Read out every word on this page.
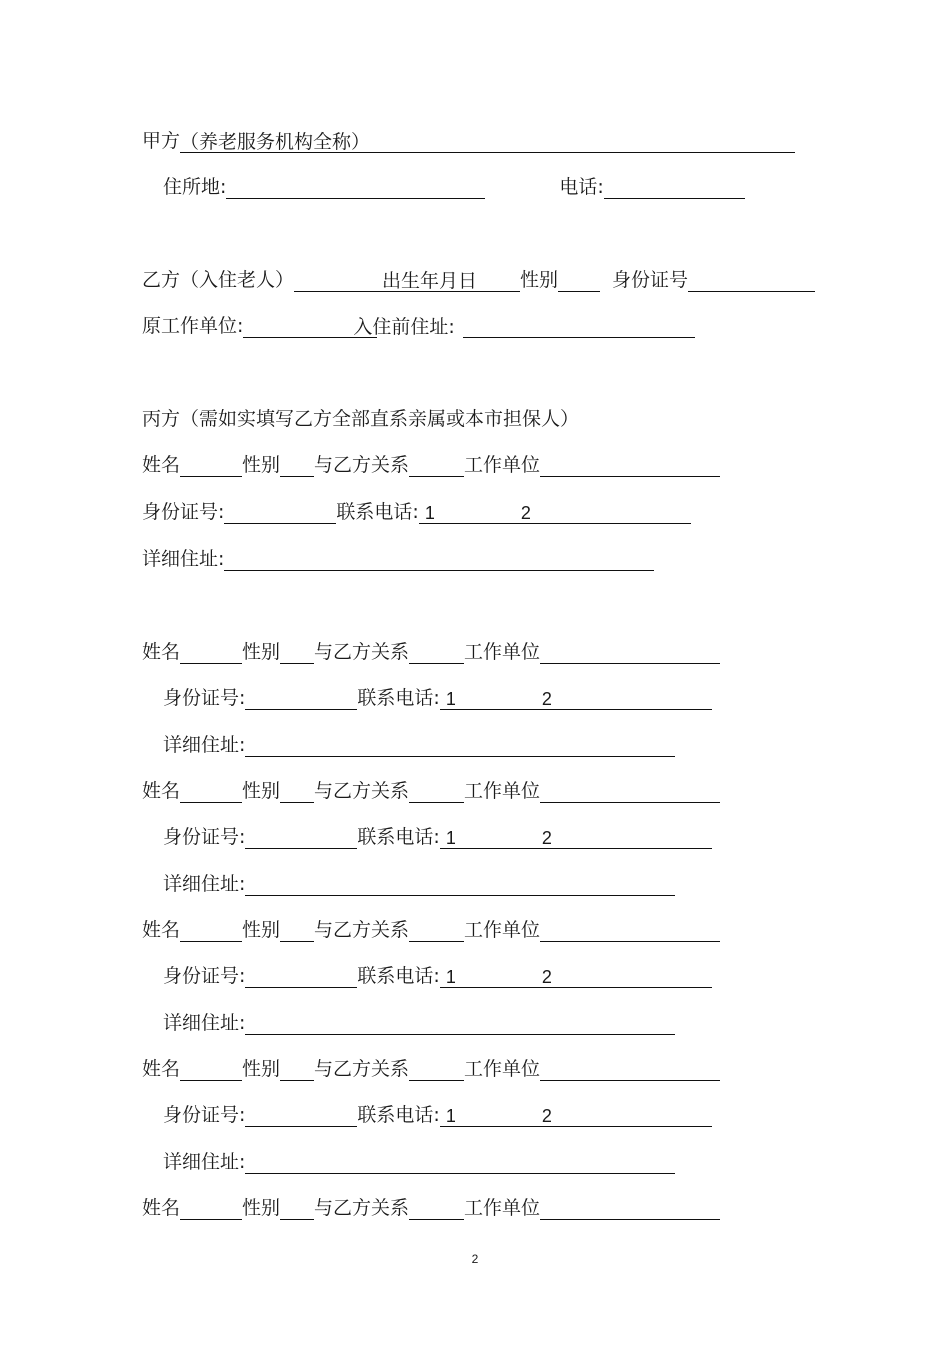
甲方（养老服务机构全称）
住所地:	电话:
乙方（入住老人）	出生年月日 性别	身份证号
原工作单位:	入住前住址:
丙方（需如实填写乙方全部直系亲属或本市担保人）
姓名	性别 与乙方关系	工作单位
身份证号:	联系电话: 1	2
详细住址:
姓名	性别 与乙方关系	工作单位
身份证号:	联系电话: 1	2
详细住址:
姓名	性别 与乙方关系	工作单位
身份证号:	联系电话: 1	2
详细住址:
姓名	性别 与乙方关系	工作单位
身份证号:	联系电话: 1	2
详细住址:
姓名	性别 与乙方关系	工作单位
身份证号:	联系电话: 1	2
详细住址:
姓名	性别 与乙方关系	工作单位
2
